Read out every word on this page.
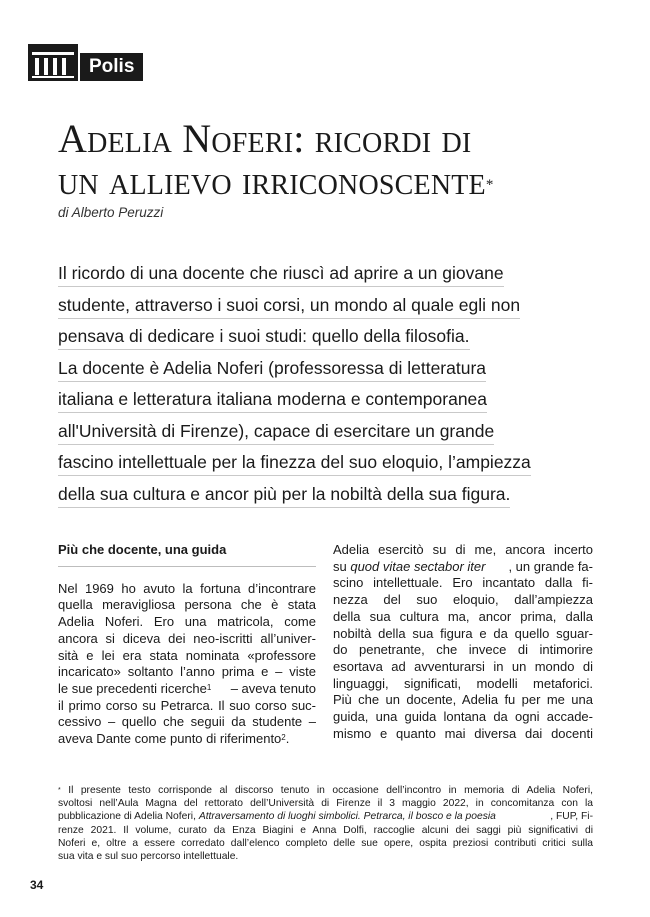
Polis
Adelia Noferi: ricordi di
un allievo irriconoscente*

di Alberto Peruzzi

Il ricordo di una docente che riuscì ad aprire a un giovane
studente, attraverso i suoi corsi, un mondo al quale egli non
pensava di dedicare i suoi studi: quello della filosofia.
La docente è Adelia Noferi (professoressa di letteratura
italiana e letteratura italiana moderna e contemporanea
all'Università di Firenze), capace di esercitare un grande
fascino intellettuale per la finezza del suo eloquio, l’ampiezza
della sua cultura e ancor più per la nobiltà della sua figura.

Più che docente, una guida

Nel 1969 ho avuto la fortuna d’incontrare
quella meravigliosa persona che è stata
Adelia Noferi. Ero una matricola, come
ancora si diceva dei neo-iscritti all’univer-
sità e lei era stata nominata «professore
incaricato» soltanto l’anno prima e – viste
le sue precedenti ricerche$^1$ – aveva tenuto
il primo corso su Petrarca. Il suo corso suc-
cessivo – quello che seguii da studente –
aveva Dante come punto di riferimento$^2$.
Adelia esercitò su di me, ancora incerto
su quod vitae sectabor iter	, un grande fa-
scino intellettuale. Ero incantato dalla fi-
nezza del suo eloquio, dall’ampiezza
della sua cultura ma, ancor prima, dalla
nobiltà della sua figura e da quello sguar-
do penetrante, che invece di intimorire
esortava ad avventurarsi in un mondo di
linguaggi, significati, modelli metaforici.
Più che un docente, Adelia fu per me una
guida, una guida lontana da ogni accade-
mismo e quanto mai diversa dai docenti
* Il presente testo corrisponde al discorso tenuto in occasione dell’incontro in memoria di Adelia Noferi,
svoltosi nell’Aula Magna del rettorato dell’Università di Firenze il 3 maggio 2022, in concomitanza con la
pubblicazione di Adelia Noferi, Attraversamento di luoghi simbolici. Petrarca, il bosco e la poesia	, FUP, Fi-
renze 2021. Il volume, curato da Enza Biagini e Anna Dolfi, raccoglie alcuni dei saggi più significativi di
Noferi e, oltre a essere corredato dall’elenco completo delle sue opere, ospita preziosi contributi critici sulla
sua vita e sul suo percorso intellettuale.
34
